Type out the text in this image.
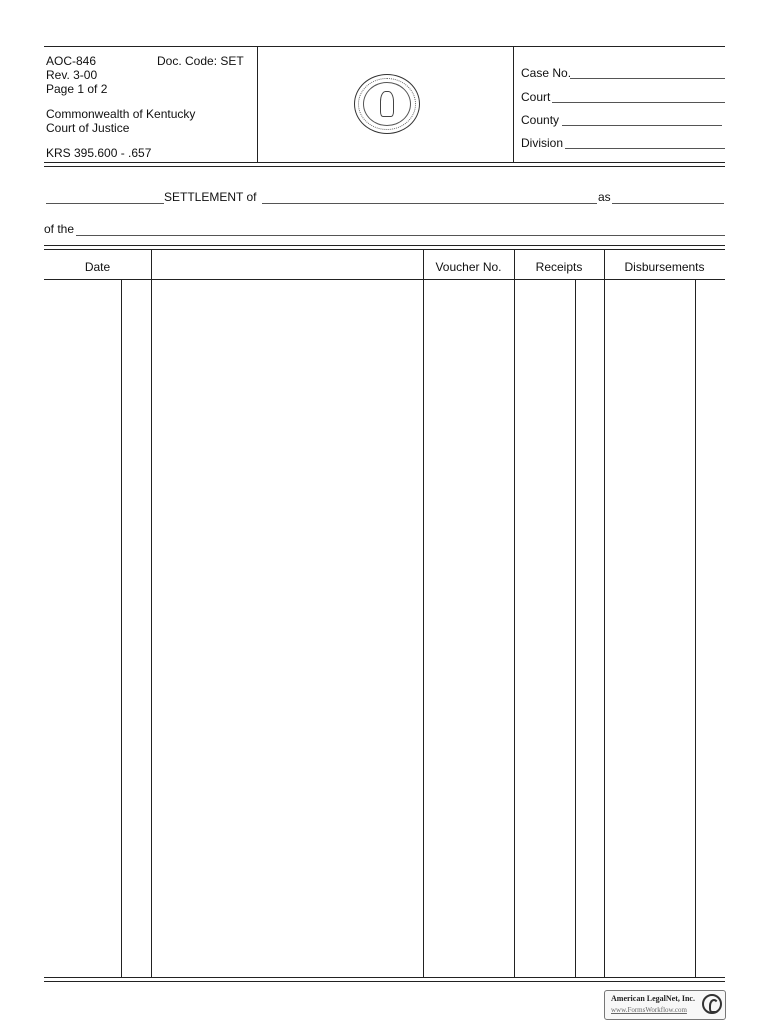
AOC-846	Doc. Code: SET
Rev. 3-00
Page 1 of 2
Commonwealth of Kentucky
Court of Justice
KRS 395.600 - .657
Case No.
Court
County
Division
SETTLEMENT of	as
of the
Date	Voucher No.	Receipts	Disbursements
American LegalNet, Inc.
www.FormsWorkflow.com
